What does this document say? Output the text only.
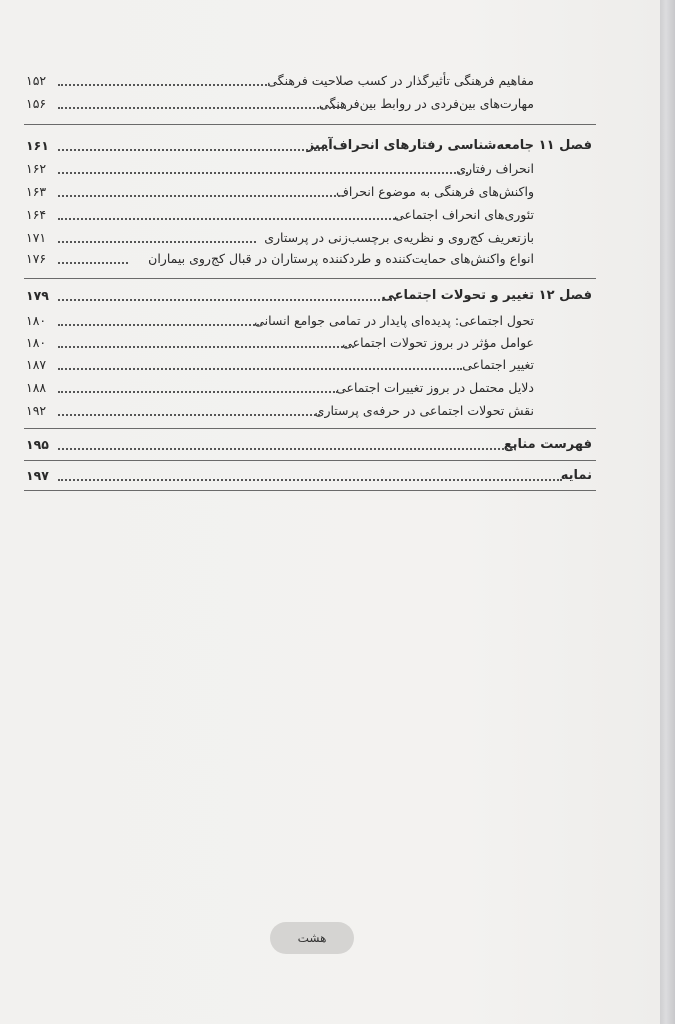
مفاهیم فرهنگی تأثیرگذار در کسب صلاحیت فرهنگی
۱۵۲
مهارت‌های بین‌فردی در روابط بین‌فرهنگی
۱۵۶
فصل ۱۱
جامعه‌شناسی رفتارهای انحراف‌آمیز
۱۶۱
انحراف رفتاری
۱۶۲
واکنش‌های فرهنگی به موضوع انحراف
۱۶۳
تئوری‌های انحراف اجتماعی
۱۶۴
بازتعریف کج‌روی و نظریه‌ی برچسب‌زنی در پرستاری
۱۷۱
انواع واکنش‌های حمایت‌کننده و طردکننده پرستاران در قبال کج‌روی بیماران
۱۷۶
فصل ۱۲
تغییر و تحولات اجتماعی
۱۷۹
تحول اجتماعی: پدیده‌ای پایدار در تمامی جوامع انسانی
۱۸۰
عوامل مؤثر در بروز تحولات اجتماعی
۱۸۰
تغییر اجتماعی
۱۸۷
دلایل محتمل در بروز تغییرات اجتماعی
۱۸۸
نقش تحولات اجتماعی در حرفه‌ی پرستاری
۱۹۲
فهرست منابع
۱۹۵
نمایه
۱۹۷
هشت
